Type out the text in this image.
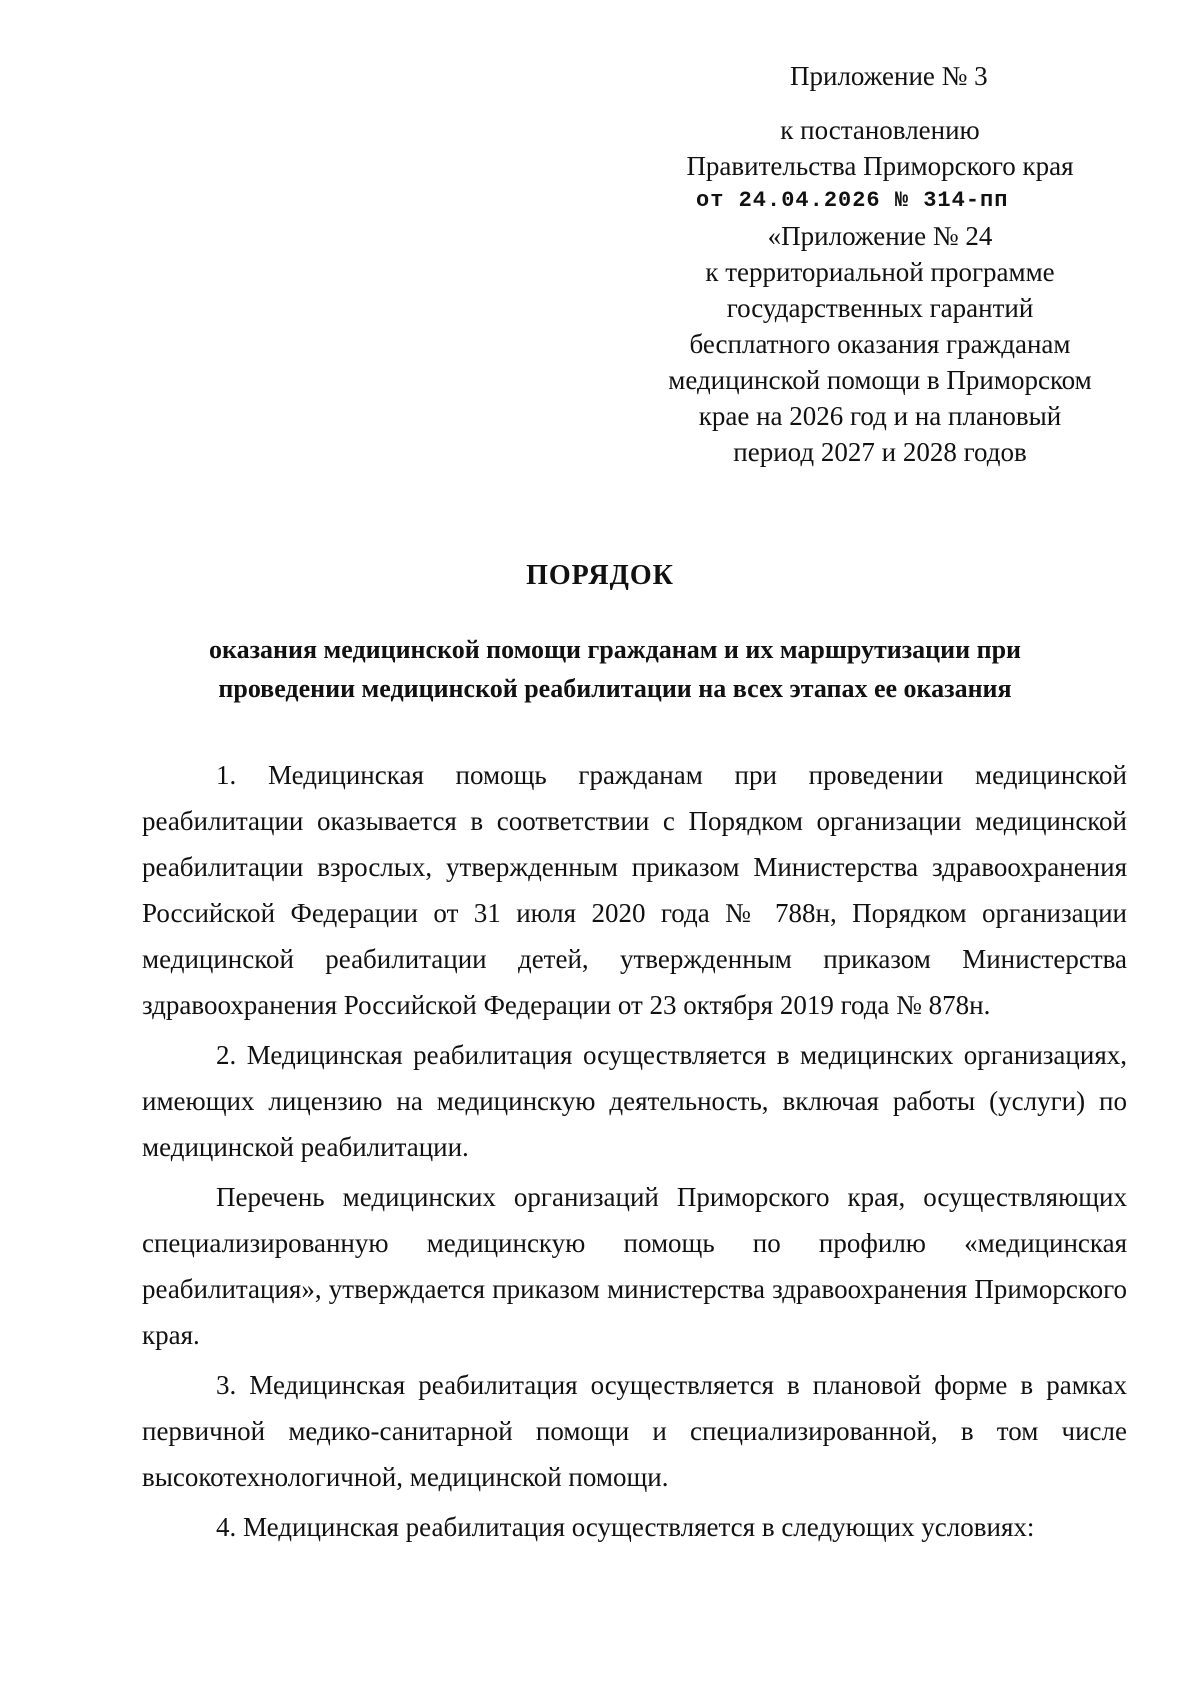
Приложение № 3
к постановлению
Правительства Приморского края
от 24.04.2026 № 314-пп
«Приложение № 24
к территориальной программе
государственных гарантий
бесплатного оказания гражданам
медицинской помощи в Приморском
крае на 2026 год и на плановый
период 2027 и 2028 годов
ПОРЯДОК
оказания медицинской помощи гражданам и их маршрутизации при
проведении медицинской реабилитации на всех этапах ее оказания

1. Медицинская помощь гражданам при проведении медицинской реабилитации оказывается в соответствии с Порядком организации медицинской реабилитации взрослых, утвержденным приказом Министерства здравоохранения Российской Федерации от 31 июля 2020 года № 788н, Порядком организации медицинской реабилитации детей, утвержденным приказом Министерства здравоохранения Российской Федерации от 23 октября 2019 года № 878н.

2. Медицинская реабилитация осуществляется в медицинских организациях, имеющих лицензию на медицинскую деятельность, включая работы (услуги) по медицинской реабилитации.

Перечень медицинских организаций Приморского края, осуществляющих специализированную медицинскую помощь по профилю «медицинская реабилитация», утверждается приказом министерства здравоохранения Приморского края.

3. Медицинская реабилитация осуществляется в плановой форме в рамках первичной медико-санитарной помощи и специализированной, в том числе высокотехнологичной, медицинской помощи.

4. Медицинская реабилитация осуществляется в следующих условиях:
